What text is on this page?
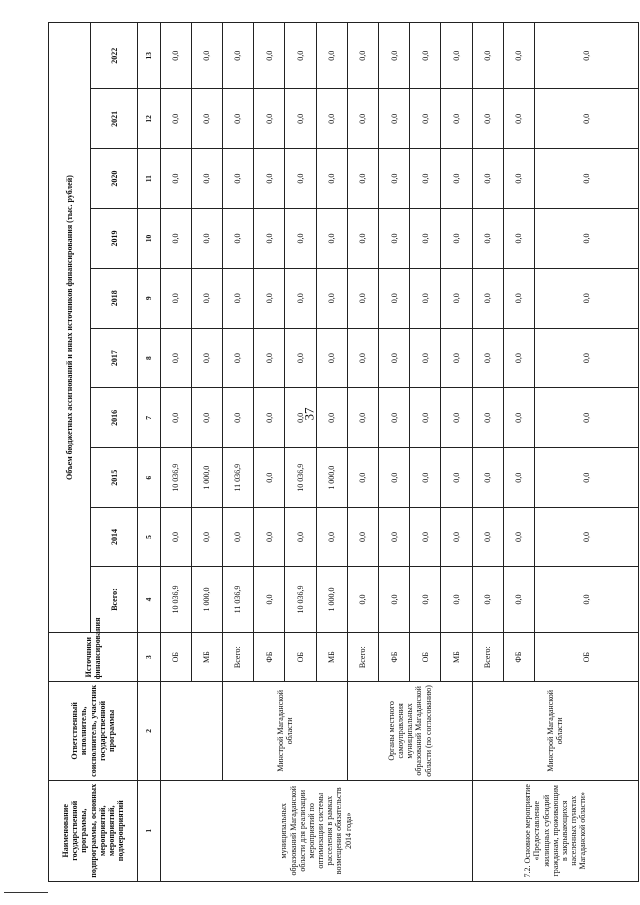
37
Наименование государственной программы, подпрограммы, основных мероприятий, мероприятий, подмероприятий	Ответственный исполнитель, соисполнитель, участник государственной программы	Источники финансирования	Объем бюджетных ассигнований и иных источников финансирования (тыс. рублей)									
			Всего:	2014	2015	2016	2017	2018	2019	2020	2021	2022
1	2	3	4	5	6	7	8	9	10	11	12	13
муниципальных образований Магаданской области для реализации мероприятий по оптимизации системы расселения в рамках возмещения обязательств 2014 года»		ОБ	10 036,9	0,0	10 036,9	0,0	0,0	0,0	0,0	0,0	0,0	0,0
		МБ	1 000,0	0,0	1 000,0	0,0	0,0	0,0	0,0	0,0	0,0	0,0
	Минстрой Магаданской области	Всего:	11 036,9	0,0	11 036,9	0,0	0,0	0,0	0,0	0,0	0,0	0,0
		ФБ	0,0	0,0	0,0	0,0	0,0	0,0	0,0	0,0	0,0	0,0
		ОБ	10 036,9	0,0	10 036,9	0,0	0,0	0,0	0,0	0,0	0,0	0,0
		МБ	1 000,0	0,0	1 000,0	0,0	0,0	0,0	0,0	0,0	0,0	0,0
	Органы местного самоуправления муниципальных образований Магаданской области (по согласованию)	Всего:	0,0	0,0	0,0	0,0	0,0	0,0	0,0	0,0	0,0	0,0
		ФБ	0,0	0,0	0,0	0,0	0,0	0,0	0,0	0,0	0,0	0,0
		ОБ	0,0	0,0	0,0	0,0	0,0	0,0	0,0	0,0	0,0	0,0
		МБ	0,0	0,0	0,0	0,0	0,0	0,0	0,0	0,0	0,0	0,0
7.2. Основное мероприятие «Предоставление жилищных субсидий гражданам, проживающим в закрывающихся населенных пунктах Магаданской области»	Минстрой Магаданской области	Всего:	0,0	0,0	0,0	0,0	0,0	0,0	0,0	0,0	0,0	0,0
		ФБ	0,0	0,0	0,0	0,0	0,0	0,0	0,0	0,0	0,0	0,0
		ОБ	0,0	0,0	0,0	0,0	0,0	0,0	0,0	0,0	0,0	0,0
